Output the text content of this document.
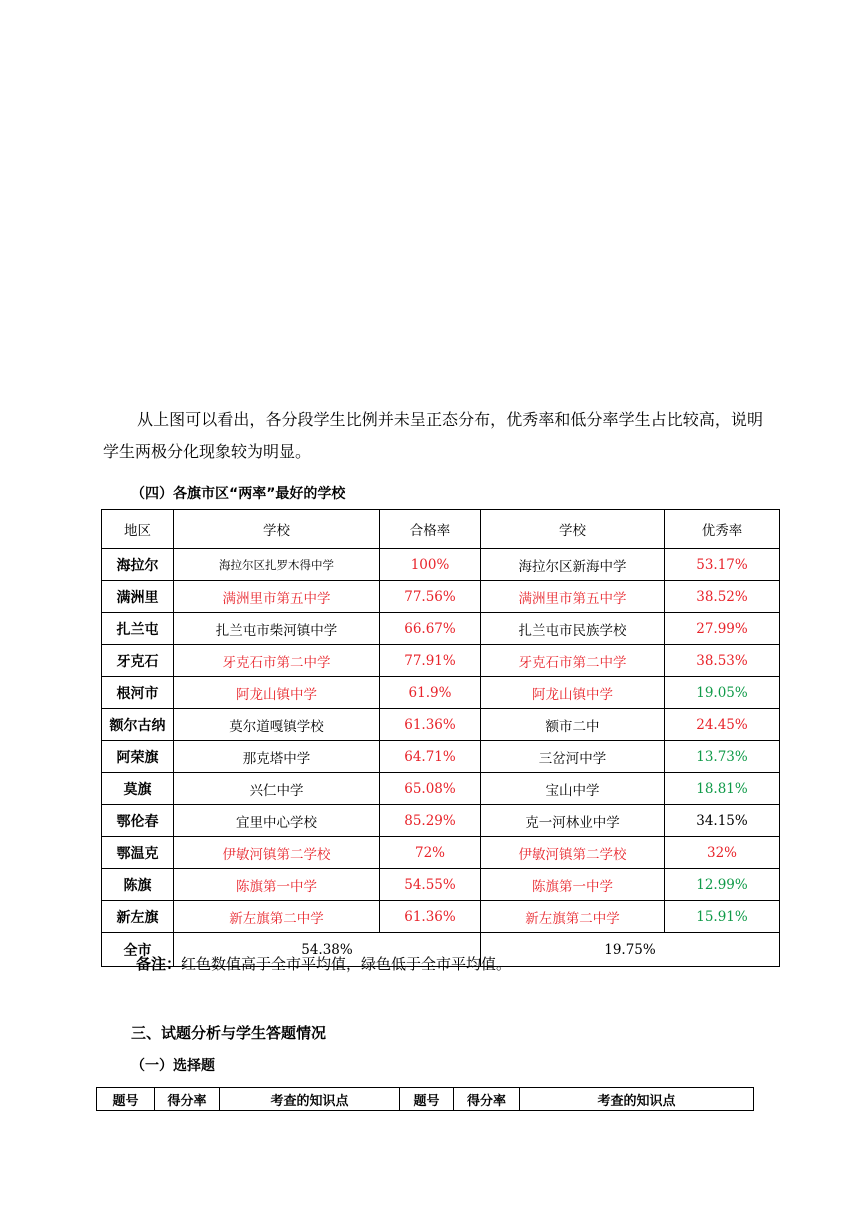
从上图可以看出，各分段学生比例并未呈正态分布，优秀率和低分率学生占比较高，说明学生两极分化现象较为明显。
（四）各旗市区“两率”最好的学校
地区	学校	合格率	学校	优秀率
海拉尔	海拉尔区扎罗木得中学	100%	海拉尔区新海中学	53.17%
满洲里	满洲里市第五中学	77.56%	满洲里市第五中学	38.52%
扎兰屯	扎兰屯市柴河镇中学	66.67%	扎兰屯市民族学校	27.99%
牙克石	牙克石市第二中学	77.91%	牙克石市第二中学	38.53%
根河市	阿龙山镇中学	61.9%	阿龙山镇中学	19.05%
额尔古纳	莫尔道嘎镇学校	61.36%	额市二中	24.45%
阿荣旗	那克塔中学	64.71%	三岔河中学	13.73%
莫旗	兴仁中学	65.08%	宝山中学	18.81%
鄂伦春	宜里中心学校	85.29%	克一河林业中学	34.15%
鄂温克	伊敏河镇第二学校	72%	伊敏河镇第二学校	32%
陈旗	陈旗第一中学	54.55%	陈旗第一中学	12.99%
新左旗	新左旗第二中学	61.36%	新左旗第二中学	15.91%
全市	54.38%		19.75%	
备注：红色数值高于全市平均值，绿色低于全市平均值。
三、试题分析与学生答题情况
（一）选择题
题号	得分率	考查的知识点	题号	得分率	考查的知识点
